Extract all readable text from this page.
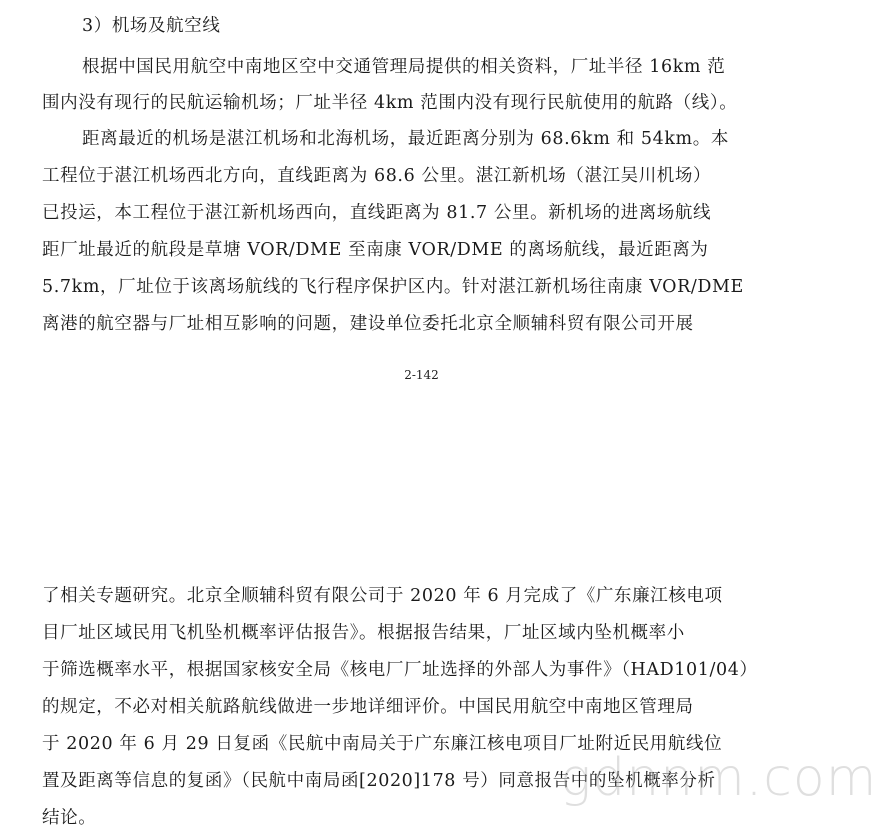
3）机场及航空线
根据中国民用航空中南地区空中交通管理局提供的相关资料，厂址半径 16km 范
围内没有现行的民航运输机场；厂址半径 4km 范围内没有现行民航使用的航路（线）。
距离最近的机场是湛江机场和北海机场，最近距离分别为 68.6km 和 54km。本
工程位于湛江机场西北方向，直线距离为 68.6 公里。湛江新机场（湛江吴川机场）
已投运，本工程位于湛江新机场西向，直线距离为 81.7 公里。新机场的进离场航线
距厂址最近的航段是草塘 VOR/DME 至南康 VOR/DME 的离场航线，最近距离为
5.7km，厂址位于该离场航线的飞行程序保护区内。针对湛江新机场往南康 VOR/DME
离港的航空器与厂址相互影响的问题，建设单位委托北京全顺辅科贸有限公司开展
2-142
了相关专题研究。北京全顺辅科贸有限公司于 2020 年 6 月完成了《广东廉江核电项
目厂址区域民用飞机坠机概率评估报告》。根据报告结果，厂址区域内坠机概率小
于筛选概率水平，根据国家核安全局《核电厂厂址选择的外部人为事件》（HAD101/04）
的规定，不必对相关航路航线做进一步地详细评价。中国民用航空中南地区管理局
于 2020 年 6 月 29 日复函《民航中南局关于广东廉江核电项目厂址附近民用航线位
置及距离等信息的复函》（民航中南局函[2020]178 号）同意报告中的坠机概率分析
结论。
gdnnm.com
